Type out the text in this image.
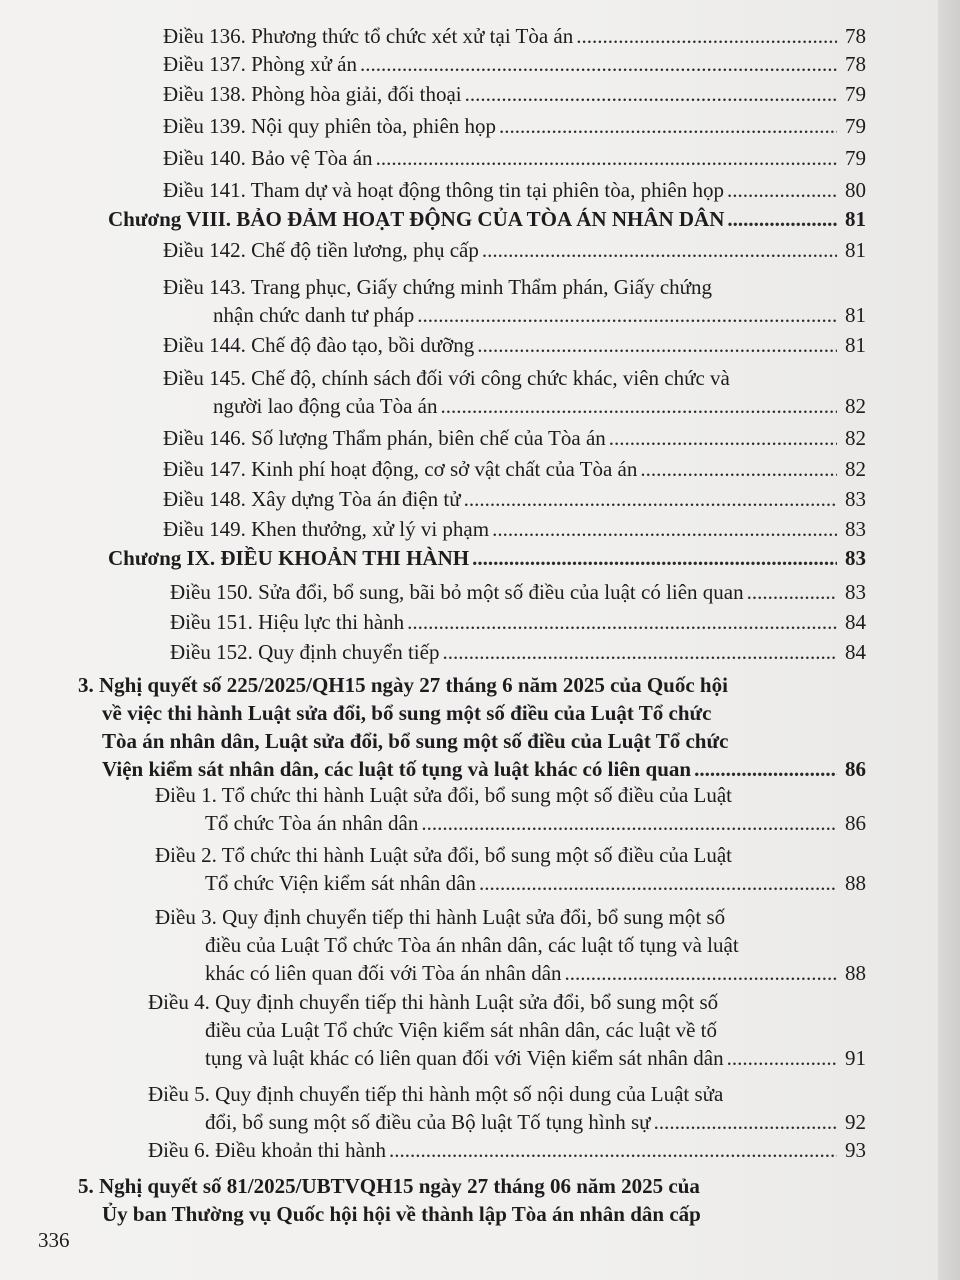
Điều 136. Phương thức tổ chức xét xử tại Tòa án .....	78
Điều 137. Phòng xử án .....	78
Điều 138. Phòng hòa giải, đối thoại .....	79
Điều 139. Nội quy phiên tòa, phiên họp .....	79
Điều 140. Bảo vệ Tòa án .....	79
Điều 141. Tham dự và hoạt động thông tin tại phiên tòa, phiên họp .....	80
Chương VIII. BẢO ĐẢM HOẠT ĐỘNG CỦA TÒA ÁN NHÂN DÂN .....	81
Điều 142. Chế độ tiền lương, phụ cấp .....	81
Điều 143. Trang phục, Giấy chứng minh Thẩm phán, Giấy chứng
nhận chức danh tư pháp .....	81
Điều 144. Chế độ đào tạo, bồi dưỡng .....	81
Điều 145. Chế độ, chính sách đối với công chức khác, viên chức và
người lao động của Tòa án .....	82
Điều 146. Số lượng Thẩm phán, biên chế của Tòa án .....	82
Điều 147. Kinh phí hoạt động, cơ sở vật chất của Tòa án .....	82
Điều 148. Xây dựng Tòa án điện tử .....	83
Điều 149. Khen thưởng, xử lý vi phạm .....	83
Chương IX. ĐIỀU KHOẢN THI HÀNH .....	83
Điều 150. Sửa đổi, bổ sung, bãi bỏ một số điều của luật có liên quan .....	83
Điều 151. Hiệu lực thi hành .....	84
Điều 152. Quy định chuyển tiếp .....	84
3. Nghị quyết số 225/2025/QH15 ngày 27 tháng 6 năm 2025 của Quốc hội
về việc thi hành Luật sửa đổi, bổ sung một số điều của Luật Tổ chức
Tòa án nhân dân, Luật sửa đổi, bổ sung một số điều của Luật Tổ chức
Viện kiểm sát nhân dân, các luật tố tụng và luật khác có liên quan .....	86
Điều 1. Tổ chức thi hành Luật sửa đổi, bổ sung một số điều của Luật
Tổ chức Tòa án nhân dân .....	86
Điều 2. Tổ chức thi hành Luật sửa đổi, bổ sung một số điều của Luật
Tổ chức Viện kiểm sát nhân dân .....	88
Điều 3. Quy định chuyển tiếp thi hành Luật sửa đổi, bổ sung một số
điều của Luật Tổ chức Tòa án nhân dân, các luật tố tụng và luật
khác có liên quan đối với Tòa án nhân dân .....	88
Điều 4. Quy định chuyển tiếp thi hành Luật sửa đổi, bổ sung một số
điều của Luật Tổ chức Viện kiểm sát nhân dân, các luật về tố
tụng và luật khác có liên quan đối với Viện kiểm sát nhân dân .....	91
Điều 5. Quy định chuyển tiếp thi hành một số nội dung của Luật sửa
đổi, bổ sung một số điều của Bộ luật Tố tụng hình sự .....	92
Điều 6. Điều khoản thi hành .....	93
5. Nghị quyết số 81/2025/UBTVQH15 ngày 27 tháng 06 năm 2025 của
Ủy ban Thường vụ Quốc hội hội về thành lập Tòa án nhân dân cấp
336
